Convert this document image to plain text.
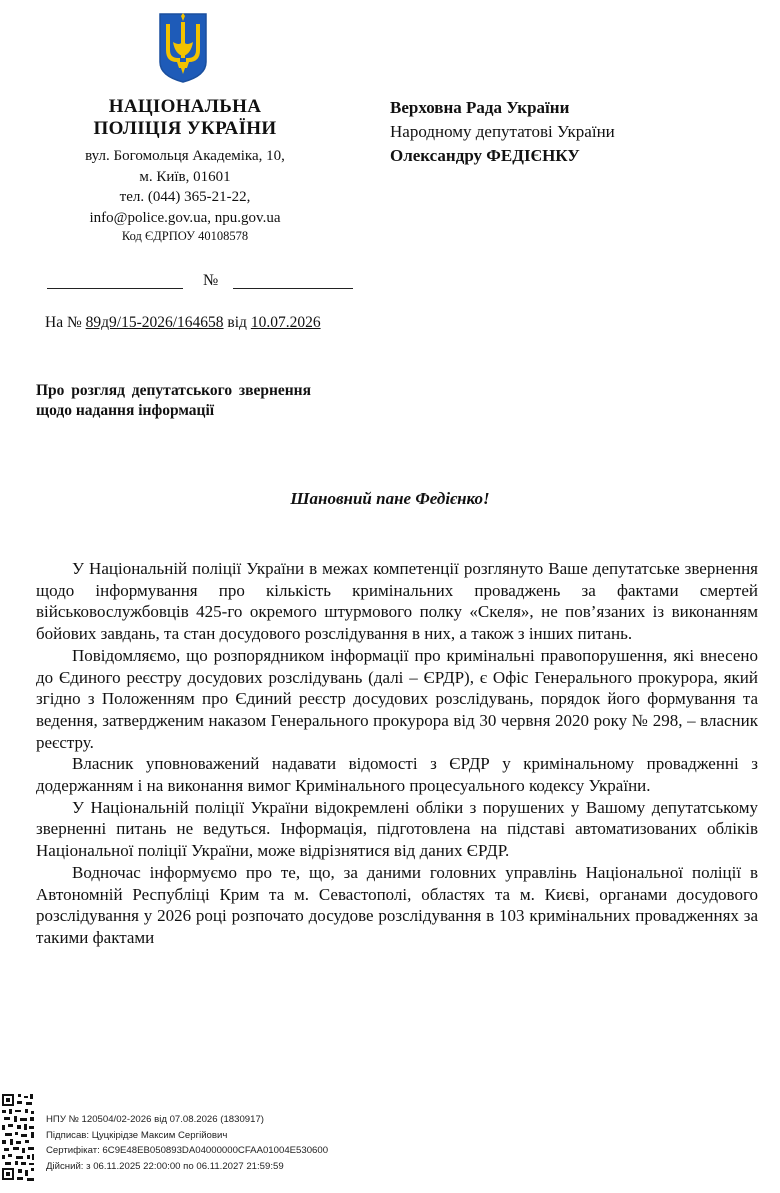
НАЦІОНАЛЬНА
ПОЛІЦІЯ УКРАЇНИ
вул. Богомольця Академіка, 10,
м. Київ, 01601
тел. (044) 365-21-22,
info@police.gov.ua, npu.gov.ua
Код ЄДРПОУ 40108578
Верховна Рада України
Народному депутатові України
Олександру ФЕДІЄНКУ
№
На № 89д9/15-2026/164658 від 10.07.2026
Про розгляд депутатського звернення щодо надання інформації
Шановний пане Федієнко!

У Національній поліції України в межах компетенції розглянуто Ваше депутатське звернення щодо інформування про кількість кримінальних проваджень за фактами смертей військовослужбовців 425-го окремого штурмового полку «Скеля», не пов’язаних із виконанням бойових завдань, та стан досудового розслідування в них, а також з інших питань.

Повідомляємо, що розпорядником інформації про кримінальні правопорушення, які внесено до Єдиного реєстру досудових розслідувань (далі – ЄРДР), є Офіс Генерального прокурора, який згідно з Положенням про Єдиний реєстр досудових розслідувань, порядок його формування та ведення, затвердженим наказом Генерального прокурора від 30 червня 2020 року № 298, – власник реєстру.

Власник уповноважений надавати відомості з ЄРДР у кримінальному провадженні з додержанням і на виконання вимог Кримінального процесуального кодексу України.

У Національній поліції України відокремлені обліки з порушених у Вашому депутатському зверненні питань не ведуться. Інформація, підготовлена на підставі автоматизованих обліків Національної поліції України, може відрізнятися від даних ЄРДР.

Водночас інформуємо про те, що, за даними головних управлінь Національної поліції в Автономній Республіці Крим та м. Севастополі, областях та м. Києві, органами досудового розслідування у 2026 році розпочато досудове розслідування в 103 кримінальних провадженнях за такими фактами

НПУ № 120504/02-2026 від 07.08.2026 (1830917)
Підписав: Цуцкірідзе Максим Сергійович
Сертифікат: 6C9E48EB050893DA04000000CFAA01004E530600
Дійсний: з 06.11.2025 22:00:00 по 06.11.2027 21:59:59
